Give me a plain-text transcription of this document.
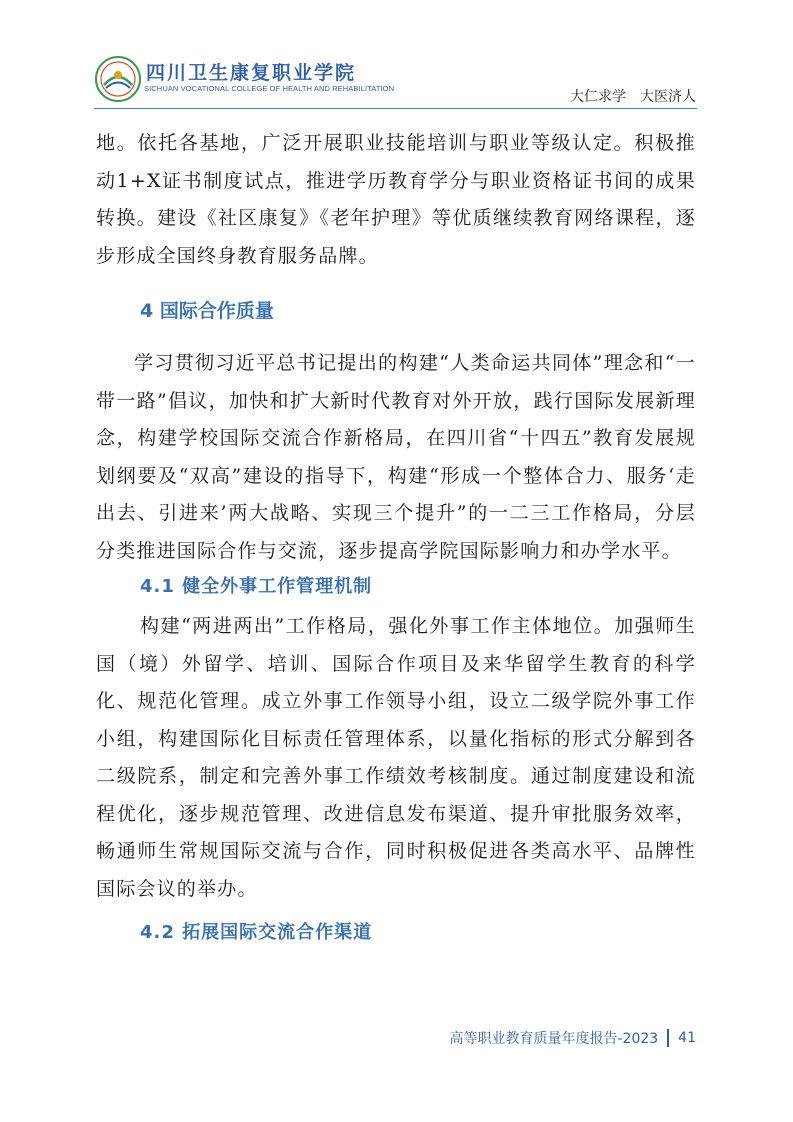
四川卫生康复职业学院
SICHUAN VOCATIONAL COLLEGE OF HEALTH AND REHABILITATION
大仁求学　大医济人

地。依托各基地，广泛开展职业技能培训与职业等级认定。积极推动1+X证书制度试点，推进学历教育学分与职业资格证书间的成果转换。建设《社区康复》《老年护理》等优质继续教育网络课程，逐步形成全国终身教育服务品牌。

4 国际合作质量

学习贯彻习近平总书记提出的构建“人类命运共同体”理念和“一带一路”倡议，加快和扩大新时代教育对外开放，践行国际发展新理念，构建学校国际交流合作新格局，在四川省“十四五”教育发展规划纲要及“双高”建设的指导下，构建“形成一个整体合力、服务‘走出去、引进来’两大战略、实现三个提升”的一二三工作格局，分层分类推进国际合作与交流，逐步提高学院国际影响力和办学水平。

4.1 健全外事工作管理机制

构建“两进两出”工作格局，强化外事工作主体地位。加强师生国（境）外留学、培训、国际合作项目及来华留学生教育的科学化、规范化管理。成立外事工作领导小组，设立二级学院外事工作小组，构建国际化目标责任管理体系，以量化指标的形式分解到各二级院系，制定和完善外事工作绩效考核制度。通过制度建设和流程优化，逐步规范管理、改进信息发布渠道、提升审批服务效率，畅通师生常规国际交流与合作，同时积极促进各类高水平、品牌性国际会议的举办。

4.2 拓展国际交流合作渠道
高等职业教育质量年度报告-2023 41
